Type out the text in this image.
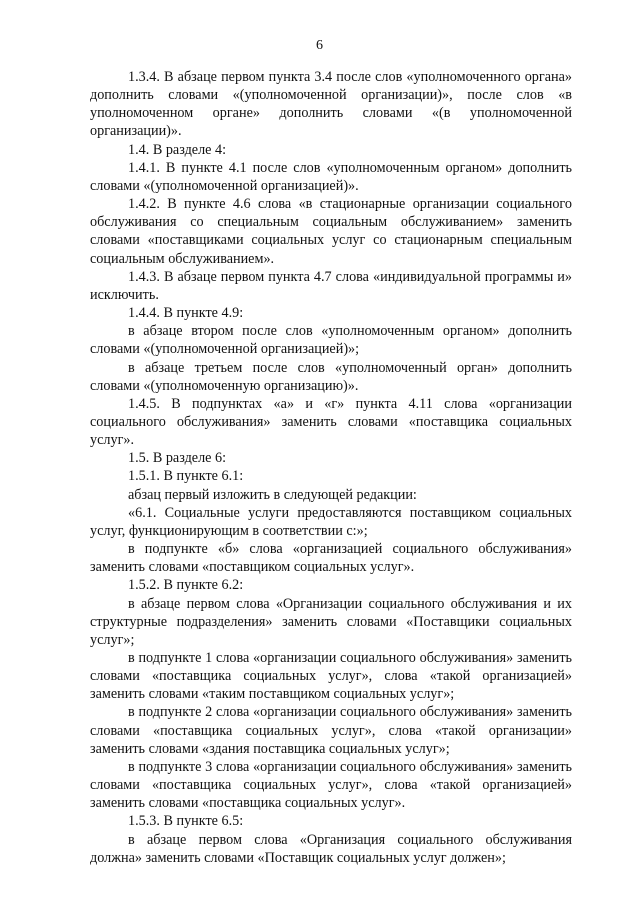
6

1.3.4. В абзаце первом пункта 3.4 после слов «уполномоченного органа» дополнить словами «(уполномоченной организации)», после слов «в уполномоченном органе» дополнить словами «(в уполномоченной организации)».

1.4. В разделе 4:

1.4.1. В пункте 4.1 после слов «уполномоченным органом» дополнить словами «(уполномоченной организацией)».

1.4.2. В пункте 4.6 слова «в стационарные организации социального обслуживания со специальным социальным обслуживанием» заменить словами «поставщиками социальных услуг со стационарным специальным социальным обслуживанием».

1.4.3. В абзаце первом пункта 4.7 слова «индивидуальной программы и» исключить.

1.4.4. В пункте 4.9:

в абзаце втором после слов «уполномоченным органом» дополнить словами «(уполномоченной организацией)»;

в абзаце третьем после слов «уполномоченный орган» дополнить словами «(уполномоченную организацию)».

1.4.5. В подпунктах «а» и «г» пункта 4.11 слова «организации социального обслуживания» заменить словами «поставщика социальных услуг».

1.5. В разделе 6:

1.5.1. В пункте 6.1:

абзац первый изложить в следующей редакции:

«6.1. Социальные услуги предоставляются поставщиком социальных услуг, функционирующим в соответствии с:»;

в подпункте «б» слова «организацией социального обслуживания» заменить словами «поставщиком социальных услуг».

1.5.2. В пункте 6.2:

в абзаце первом слова «Организации социального обслуживания и их структурные подразделения» заменить словами «Поставщики социальных услуг»;

в подпункте 1 слова «организации социального обслуживания» заменить словами «поставщика социальных услуг», слова «такой организацией» заменить словами «таким поставщиком социальных услуг»;

в подпункте 2 слова «организации социального обслуживания» заменить словами «поставщика социальных услуг», слова «такой организации» заменить словами «здания поставщика социальных услуг»;

в подпункте 3 слова «организации социального обслуживания» заменить словами «поставщика социальных услуг», слова «такой организацией» заменить словами «поставщика социальных услуг».

1.5.3. В пункте 6.5:

в абзаце первом слова «Организация социального обслуживания должна» заменить словами «Поставщик социальных услуг должен»;
